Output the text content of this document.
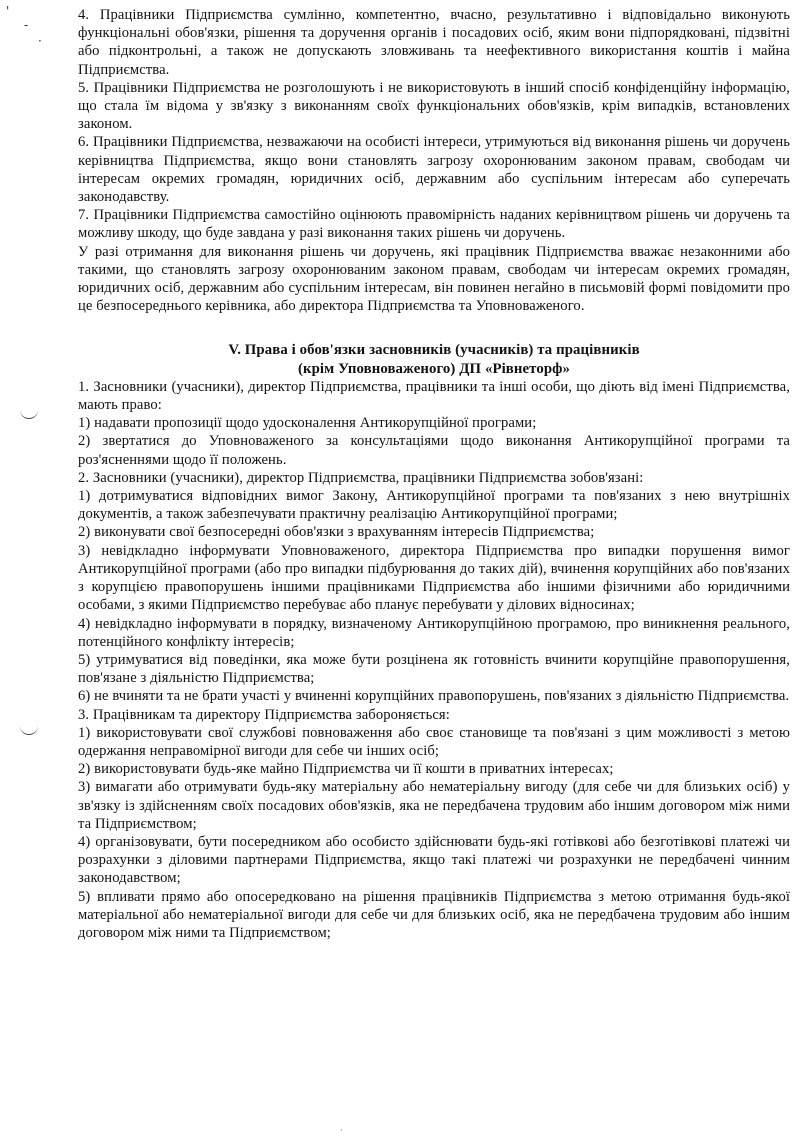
'
-
·

4. Працівники Підприємства сумлінно, компетентно, вчасно, результативно і відповідально виконують функціональні обов'язки, рішення та доручення органів і посадових осіб, яким вони підпорядковані, підзвітні або підконтрольні, а також не допускають зловживань та неефективного використання коштів і майна Підприємства.

5. Працівники Підприємства не розголошують і не використовують в інший спосіб конфіденційну інформацію, що стала їм відома у зв'язку з виконанням своїх функціональних обов'язків, крім випадків, встановлених законом.

6. Працівники Підприємства, незважаючи на особисті інтереси, утримуються від виконання рішень чи доручень керівництва Підприємства, якщо вони становлять загрозу охоронюваним законом правам, свободам чи інтересам окремих громадян, юридичних осіб, державним або суспільним інтересам або суперечать законодавству.

7. Працівники Підприємства самостійно оцінюють правомірність наданих керівництвом рішень чи доручень та можливу шкоду, що буде завдана у разі виконання таких рішень чи доручень.

У разі отримання для виконання рішень чи доручень, які працівник Підприємства вважає незаконними або такими, що становлять загрозу охоронюваним законом правам, свободам чи інтересам окремих громадян, юридичних осіб, державним або суспільним інтересам, він повинен негайно в письмовій формі повідомити про це безпосереднього керівника, або директора Підприємства та Уповноваженого.

V. Права і обов'язки засновників (учасників) та працівників
(крім Уповноваженого) ДП «Рівнеторф»

1. Засновники (учасники), директор Підприємства, працівники та інші особи, що діють від імені Підприємства, мають право:

1) надавати пропозиції щодо удосконалення Антикорупційної програми;

2) звертатися до Уповноваженого за консультаціями щодо виконання Антикорупційної програми та роз'ясненнями щодо її положень.

2. Засновники (учасники), директор Підприємства, працівники Підприємства зобов'язані:

1) дотримуватися відповідних вимог Закону, Антикорупційної програми та пов'язаних з нею внутрішніх документів, а також забезпечувати практичну реалізацію Антикорупційної програми;

2) виконувати свої безпосередні обов'язки з врахуванням інтересів Підприємства;

3) невідкладно інформувати Уповноваженого, директора Підприємства про випадки порушення вимог Антикорупційної програми (або про випадки підбурювання до таких дій), вчинення корупційних або пов'язаних з корупцією правопорушень іншими працівниками Підприємства або іншими фізичними або юридичними особами, з якими Підприємство перебуває або планує перебувати у ділових відносинах;

4) невідкладно інформувати в порядку, визначеному Антикорупційною програмою, про виникнення реального, потенційного конфлікту інтересів;

5) утримуватися від поведінки, яка може бути розцінена як готовність вчинити корупційне правопорушення, пов'язане з діяльністю Підприємства;

6) не вчиняти та не брати участі у вчиненні корупційних правопорушень, пов'язаних з діяльністю Підприємства.

3. Працівникам та директору Підприємства забороняється:

1) використовувати свої службові повноваження або своє становище та пов'язані з цим можливості з метою одержання неправомірної вигоди для себе чи інших осіб;

2) використовувати будь-яке майно Підприємства чи її кошти в приватних інтересах;

3) вимагати або отримувати будь-яку матеріальну або нематеріальну вигоду (для себе чи для близьких осіб) у зв'язку із здійсненням своїх посадових обов'язків, яка не передбачена трудовим або іншим договором між ними та Підприємством;

4) організовувати, бути посередником або особисто здійснювати будь-які готівкові або безготівкові платежі чи розрахунки з діловими партнерами Підприємства, якщо такі платежі чи розрахунки не передбачені чинним законодавством;

5) впливати прямо або опосередковано на рішення працівників Підприємства з метою отримання будь-якої матеріальної або нематеріальної вигоди для себе чи для близьких осіб, яка не передбачена трудовим або іншим договором між ними та Підприємством;

·
